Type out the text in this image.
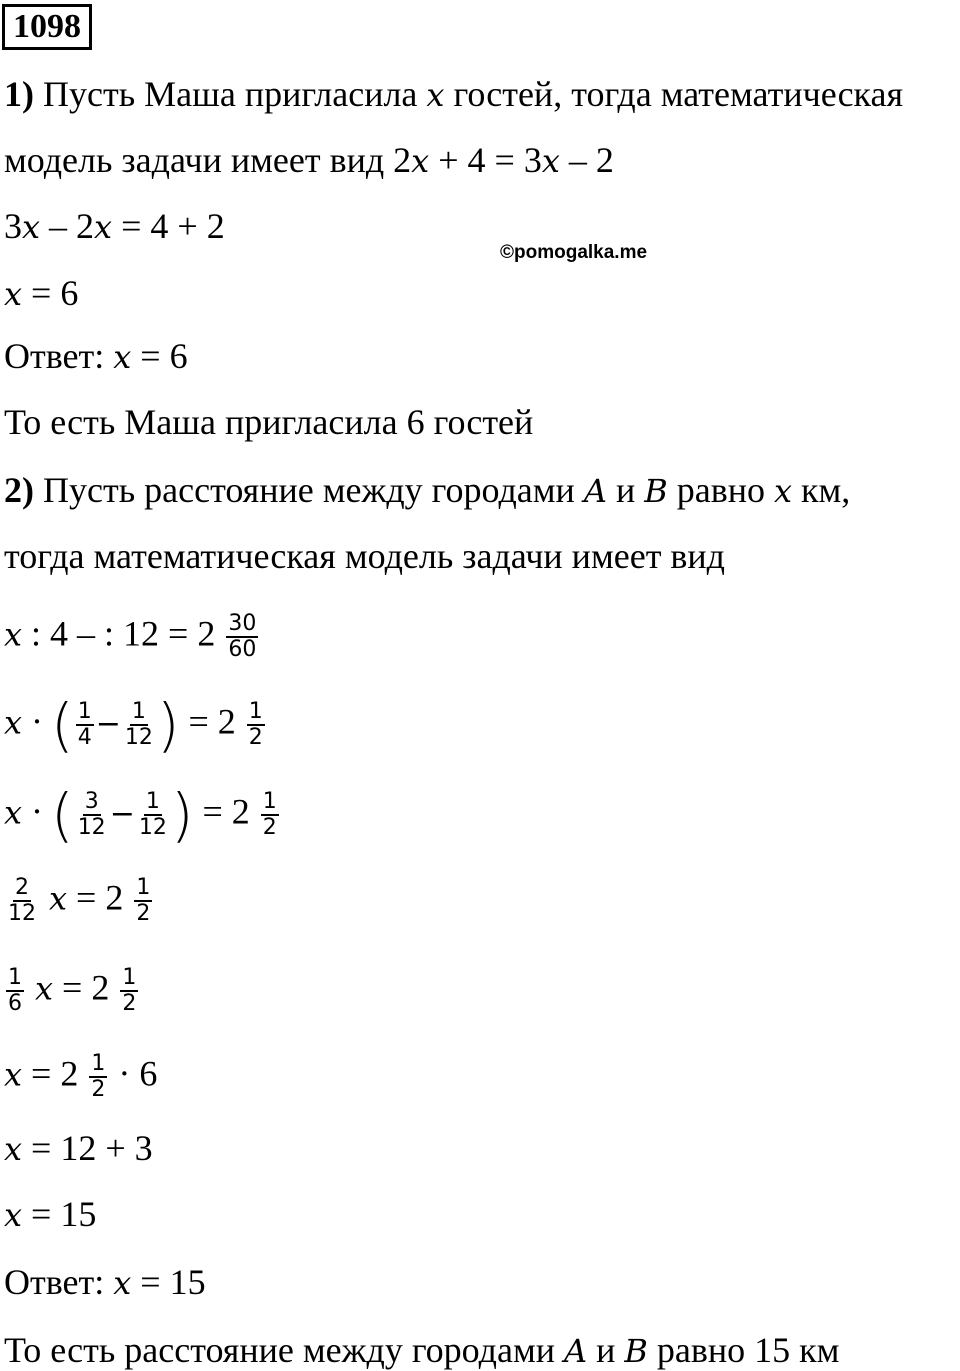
1098
1) Пусть Маша пригласила x гостей, тогда математическая
модель задачи имеет вид 2x + 4 = 3x – 2
3x – 2x = 4 + 2
©pomogalka.me
x = 6
Ответ: x = 6
То есть Маша пригласила 6 гостей
2) Пусть расстояние между городами A и B равно x км,
тогда математическая модель задачи имеет вид
x : 4 – : $12 = 2 \frac{30}{60}$
x · ( $\frac{1}{4} - \frac{1}{12}$ ) = $2 \frac{1}{2}$
x · ( $\frac{3}{12} - \frac{1}{12}$ ) = $2 \frac{1}{2}$
$\frac{2}{12}$ $x = 2 \frac{1}{2}$
$\frac{1}{6}$ $x = 2 \frac{1}{2}$
$x = 2 \frac{1}{2} \cdot 6$
x = 12 + 3
x = 15
Ответ: x = 15
То есть расстояние между городами A и B равно 15 км
